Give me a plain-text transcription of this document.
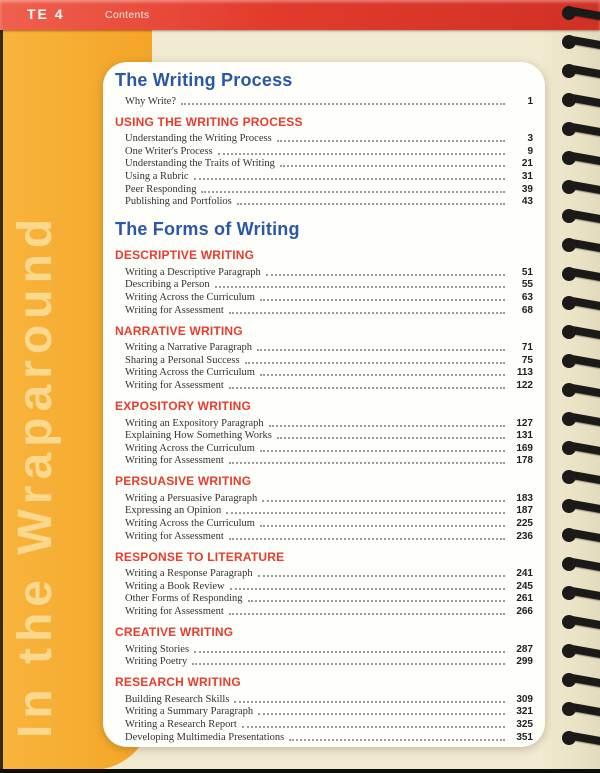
TE 4	Contents
In the Wraparound
The Writing Process
Why Write?	1
USING THE WRITING PROCESS
Understanding the Writing Process	3
One Writer's Process	9
Understanding the Traits of Writing	21
Using a Rubric	31
Peer Responding	39
Publishing and Portfolios	43
The Forms of Writing
DESCRIPTIVE WRITING
Writing a Descriptive Paragraph	51
Describing a Person	55
Writing Across the Curriculum	63
Writing for Assessment	68
NARRATIVE WRITING
Writing a Narrative Paragraph	71
Sharing a Personal Success	75
Writing Across the Curriculum	113
Writing for Assessment	122
EXPOSITORY WRITING
Writing an Expository Paragraph	127
Explaining How Something Works	131
Writing Across the Curriculum	169
Writing for Assessment	178
PERSUASIVE WRITING
Writing a Persuasive Paragraph	183
Expressing an Opinion	187
Writing Across the Curriculum	225
Writing for Assessment	236
RESPONSE TO LITERATURE
Writing a Response Paragraph	241
Writing a Book Review	245
Other Forms of Responding	261
Writing for Assessment	266
CREATIVE WRITING
Writing Stories	287
Writing Poetry	299
RESEARCH WRITING
Building Research Skills	309
Writing a Summary Paragraph	321
Writing a Research Report	325
Developing Multimedia Presentations	351
